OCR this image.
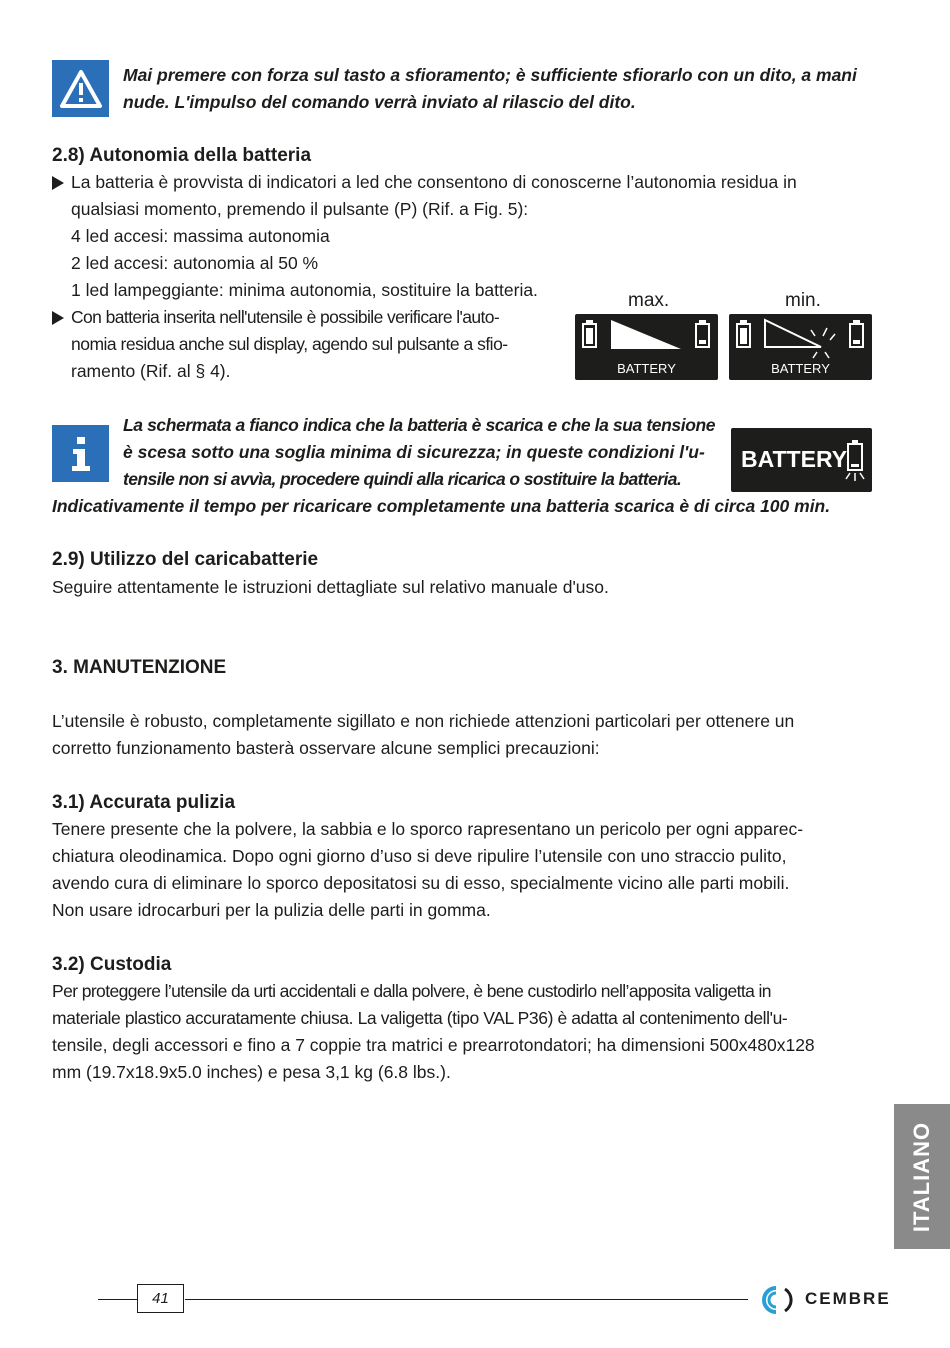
Mai premere con forza sul tasto a sfioramento; è sufficiente sfiorarlo con un dito, a mani

nude. L'impulso del comando verrà inviato al rilascio del dito.

2.8) Autonomia della batteria

La batteria è provvista di indicatori a led che consentono di conoscerne l’autonomia residua in

qualsiasi momento, premendo il pulsante (P) (Rif. a Fig. 5):

4 led accesi: massima autonomia

2 led accesi: autonomia al 50 %

1 led lampeggiante: minima autonomia, sostituire la batteria.

Con batteria inserita nell'utensile è possibile verificare l'auto-

nomia residua anche sul display, agendo sul pulsante a sfio-

ramento (Rif. al § 4).

max.	min.
BATTERY	BATTERY

La schermata a fianco indica che la batteria è scarica e che la sua tensione

è scesa sotto una soglia minima di sicurezza; in queste condizioni l'u-

tensile non si avvìa, procedere quindi alla ricarica o sostituire la batteria.

Indicativamente il tempo per ricaricare completamente una batteria scarica è di circa 100 min.

BATTERY

2.9) Utilizzo del caricabatterie

Seguire attentamente le istruzioni dettagliate sul relativo manuale d'uso.

3. MANUTENZIONE

L’utensile è robusto, completamente sigillato e non richiede attenzioni particolari per ottenere un

corretto funzionamento basterà osservare alcune semplici precauzioni:

3.1) Accurata pulizia

Tenere presente che la polvere, la sabbia e lo sporco rapresentano un pericolo per ogni apparec-

chiatura oleodinamica. Dopo ogni giorno d’uso si deve ripulire l’utensile con uno straccio pulito,

avendo cura di eliminare lo sporco depositatosi su di esso, specialmente vicino alle parti mobili.

Non usare idrocarburi per la pulizia delle parti in gomma.

3.2) Custodia

Per proteggere l’utensile da urti accidentali e dalla polvere, è bene custodirlo nell’apposita valigetta in

materiale plastico accuratamente chiusa. La valigetta (tipo VAL P36) è adatta al contenimento dell'u-

tensile, degli accessori e fino a 7 coppie tra matrici e prearrotondatori; ha dimensioni 500x480x128

mm (19.7x18.9x5.0 inches) e pesa 3,1 kg (6.8 lbs.).

ITALIANO
41	CEMBRE
